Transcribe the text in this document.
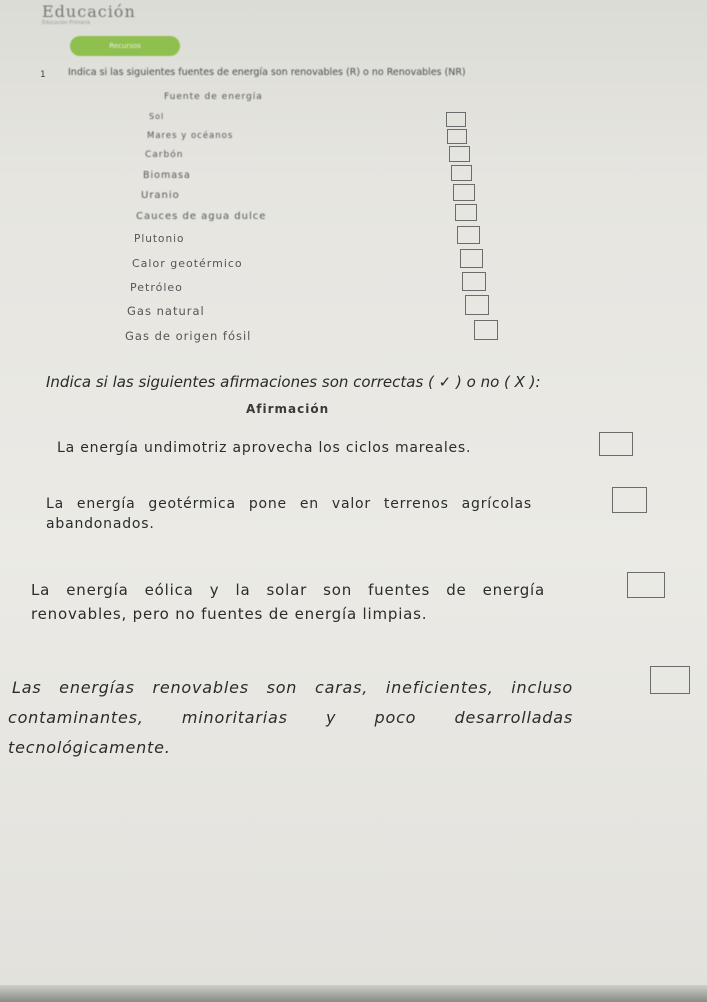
Educación
Educación Primaria
Recursos
1 Indica si las siguientes fuentes de energía son renovables (R) o no Renovables (NR)
Fuente de energía
Sol
Mares y océanos
Carbón
Biomasa
Uranio
Cauces de agua dulce
Plutonio
Calor geotérmico
Petróleo
Gas natural
Gas de origen fósil
Indica si las siguientes afirmaciones son correctas ( ✓ ) o no ( X ):
Afirmación
La energía undimotriz aprovecha los ciclos mareales.
La energía geotérmica pone en valor terrenos agrícolas
abandonados.
La energía eólica y la solar son fuentes de energía
renovables, pero no fuentes de energía limpias.
Las energías renovables son caras, ineficientes, incluso
contaminantes, minoritarias y poco desarrolladas
tecnológicamente.
